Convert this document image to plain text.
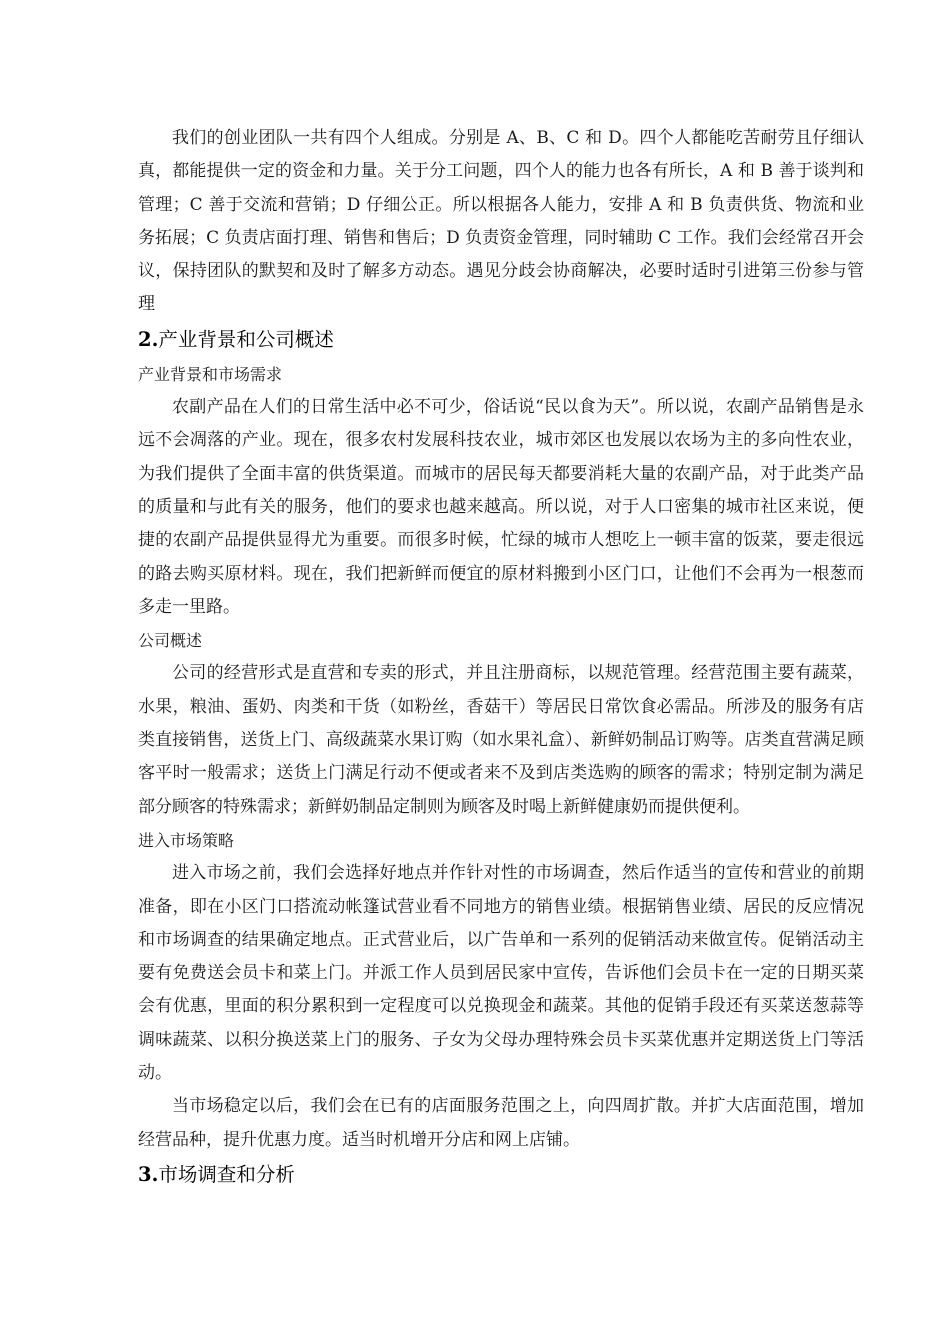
我们的创业团队一共有四个人组成。分别是 A、B、C 和 D。四个人都能吃苦耐劳且仔细认真，都能提供一定的资金和力量。关于分工问题，四个人的能力也各有所长，A 和 B 善于谈判和管理；C 善于交流和营销；D 仔细公正。所以根据各人能力，安排 A 和 B 负责供货、物流和业务拓展；C 负责店面打理、销售和售后；D 负责资金管理，同时辅助 C 工作。我们会经常召开会议，保持团队的默契和及时了解多方动态。遇见分歧会协商解决，必要时适时引进第三份参与管理

2.产业背景和公司概述
产业背景和市场需求

农副产品在人们的日常生活中必不可少，俗话说“民以食为天”。所以说，农副产品销售是永远不会凋落的产业。现在，很多农村发展科技农业，城市郊区也发展以农场为主的多向性农业，为我们提供了全面丰富的供货渠道。而城市的居民每天都要消耗大量的农副产品，对于此类产品的质量和与此有关的服务，他们的要求也越来越高。所以说，对于人口密集的城市社区来说，便捷的农副产品提供显得尤为重要。而很多时候，忙绿的城市人想吃上一顿丰富的饭菜，要走很远的路去购买原材料。现在，我们把新鲜而便宜的原材料搬到小区门口，让他们不会再为一根葱而多走一里路。

公司概述

公司的经营形式是直营和专卖的形式，并且注册商标，以规范管理。经营范围主要有蔬菜，水果，粮油、蛋奶、肉类和干货（如粉丝，香菇干）等居民日常饮食必需品。所涉及的服务有店类直接销售，送货上门、高级蔬菜水果订购（如水果礼盒）、新鲜奶制品订购等。店类直营满足顾客平时一般需求；送货上门满足行动不便或者来不及到店类选购的顾客的需求；特别定制为满足部分顾客的特殊需求；新鲜奶制品定制则为顾客及时喝上新鲜健康奶而提供便利。

进入市场策略

进入市场之前，我们会选择好地点并作针对性的市场调查，然后作适当的宣传和营业的前期准备，即在小区门口搭流动帐篷试营业看不同地方的销售业绩。根据销售业绩、居民的反应情况和市场调查的结果确定地点。正式营业后，以广告单和一系列的促销活动来做宣传。促销活动主要有免费送会员卡和菜上门。并派工作人员到居民家中宣传，告诉他们会员卡在一定的日期买菜会有优惠，里面的积分累积到一定程度可以兑换现金和蔬菜。其他的促销手段还有买菜送葱蒜等调味蔬菜、以积分换送菜上门的服务、子女为父母办理特殊会员卡买菜优惠并定期送货上门等活动。

当市场稳定以后，我们会在已有的店面服务范围之上，向四周扩散。并扩大店面范围，增加经营品种，提升优惠力度。适当时机增开分店和网上店铺。

3.市场调查和分析
